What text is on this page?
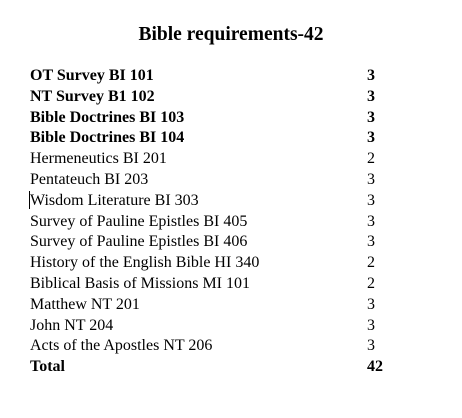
Bible requirements-42
OT Survey BI 101	3
NT Survey B1 102	3
Bible Doctrines BI 103	3
Bible Doctrines BI 104	3
Hermeneutics BI 201	2
Pentateuch BI 203	3
Wisdom Literature BI 303	3
Survey of Pauline Epistles BI 405	3
Survey of Pauline Epistles BI 406	3
History of the English Bible HI 340	2
Biblical Basis of Missions MI 101	2
Matthew NT 201	3
John NT 204	3
Acts of the Apostles NT 206	3
Total	42
